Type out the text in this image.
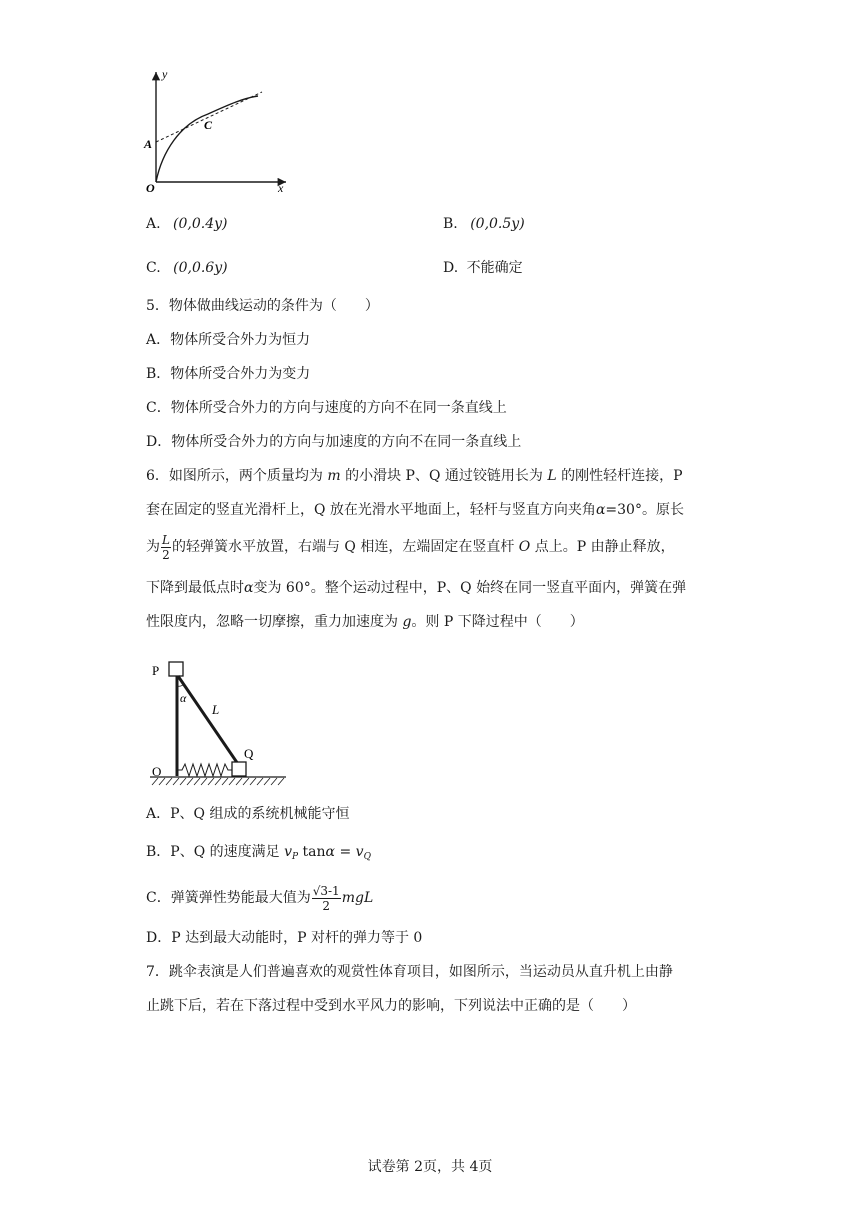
y
x
O
A
C
A. (0,0.4y)	B. (0,0.5y)
C. (0,0.6y)	D. 不能确定
5．物体做曲线运动的条件为（　　）
A．物体所受合外力为恒力
B．物体所受合外力为变力
C．物体所受合外力的方向与速度的方向不在同一条直线上
D．物体所受合外力的方向与加速度的方向不在同一条直线上
6．如图所示，两个质量均为 m 的小滑块 P、Q 通过铰链用长为 L 的刚性轻杆连接，P
套在固定的竖直光滑杆上，Q 放在光滑水平地面上，轻杆与竖直方向夹角α=30°。原长
为 $\frac{L}{2}$ 的轻弹簧水平放置，右端与 Q 相连，左端固定在竖直杆 O 点上。P 由静止释放，
下降到最低点时α变为 60°。整个运动过程中，P、Q 始终在同一竖直平面内，弹簧在弹
性限度内，忽略一切摩擦，重力加速度为 g。则 P 下降过程中（　　）
P
α
L
Q
O
A．P、Q 组成的系统机械能守恒
B．P、Q 的速度满足 $v_P$ $\tan\alpha = v_Q$
C．弹簧弹性势能最大值为 $\frac{√3-1}{2}$ mgL
D．P 达到最大动能时，P 对杆的弹力等于 0
7．跳伞表演是人们普遍喜欢的观赏性体育项目，如图所示，当运动员从直升机上由静
止跳下后，若在下落过程中受到水平风力的影响，下列说法中正确的是（　　）
试卷第 2页，共 4页
